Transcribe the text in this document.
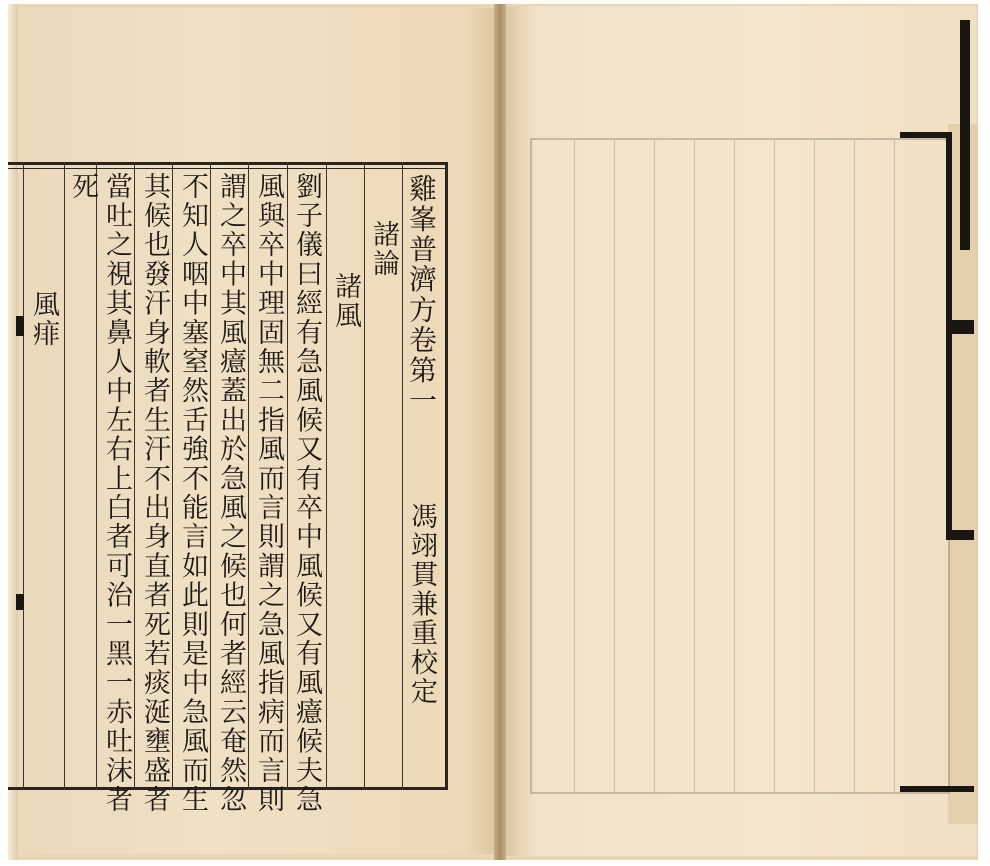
雞峯普濟方卷第一
諸論
馮翊貫兼重校定
諸風
劉子儀曰經有急風候又有卒中風候又有風癔候夫急
風與卒中理固無二指風而言則謂之急風指病而言則
謂之卒中其風癔蓋出於急風之候也何者經云奄然忽
不知人咽中塞窒然舌強不能言如此則是中急風而生
其候也發汗身軟者生汗不出身直者死若痰涎壅盛者
當吐之視其鼻人中左右上白者可治一黑一赤吐沫者
死
風痱
